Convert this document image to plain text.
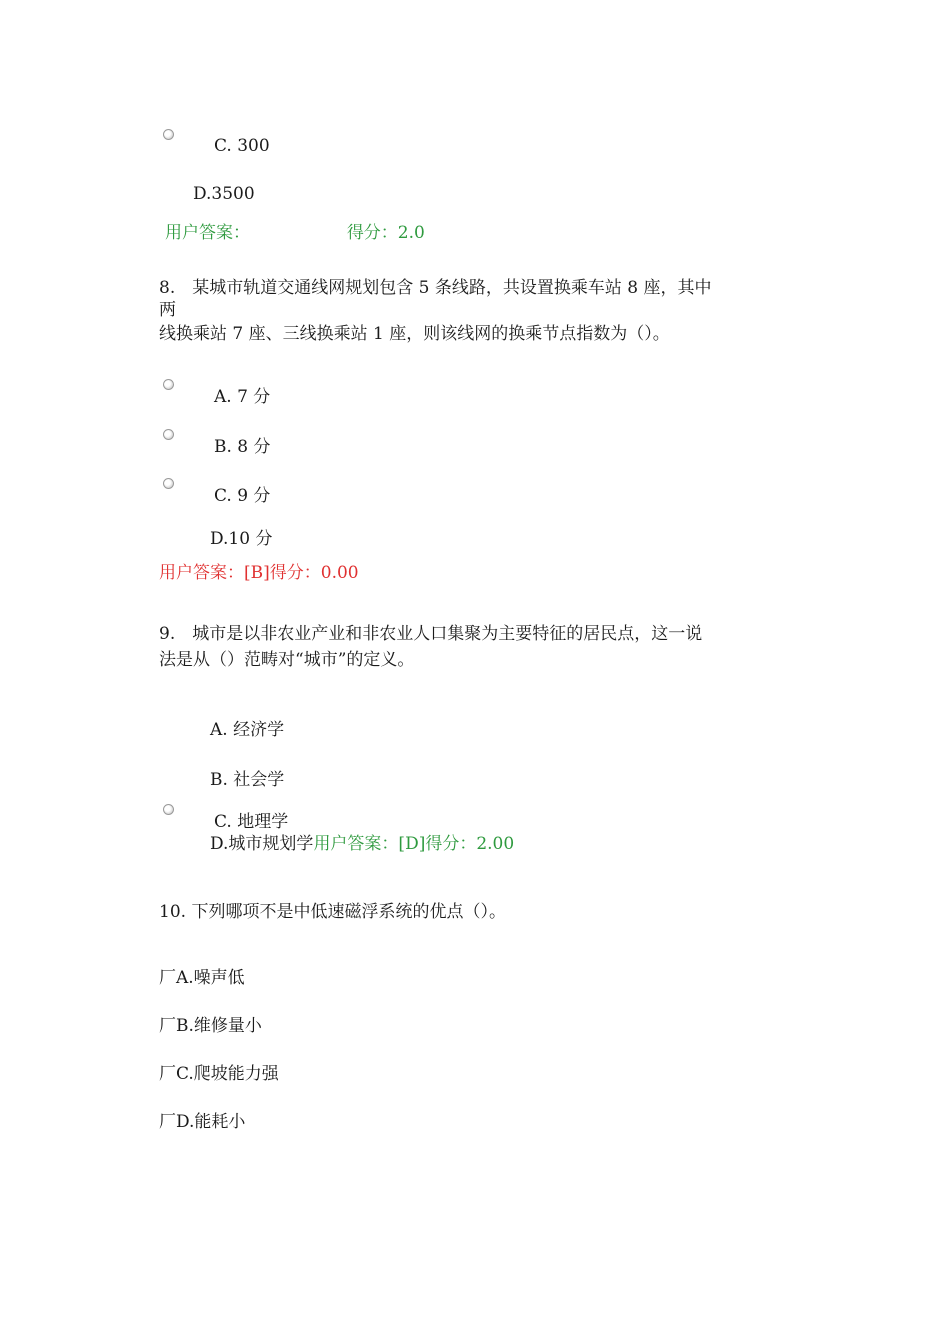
C. 300
D.3500
用户答案：	得分：2.0
8.　某城市轨道交通线网规划包含 5 条线路，共设置换乘车站 8 座，其中
两
线换乘站 7 座、三线换乘站 1 座，则该线网的换乘节点指数为（）。
A. 7 分
B. 8 分
C. 9 分
D.10 分
用户答案：[B]得分：0.00
9.　城市是以非农业产业和非农业人口集聚为主要特征的居民点，这一说
法是从（）范畴对“城市”的定义。
A. 经济学
B. 社会学
C. 地理学
D.城市规划学用户答案：[D]得分：2.00
10. 下列哪项不是中低速磁浮系统的优点（）。
厂A.噪声低
厂B.维修量小
厂C.爬坡能力强
厂D.能耗小
